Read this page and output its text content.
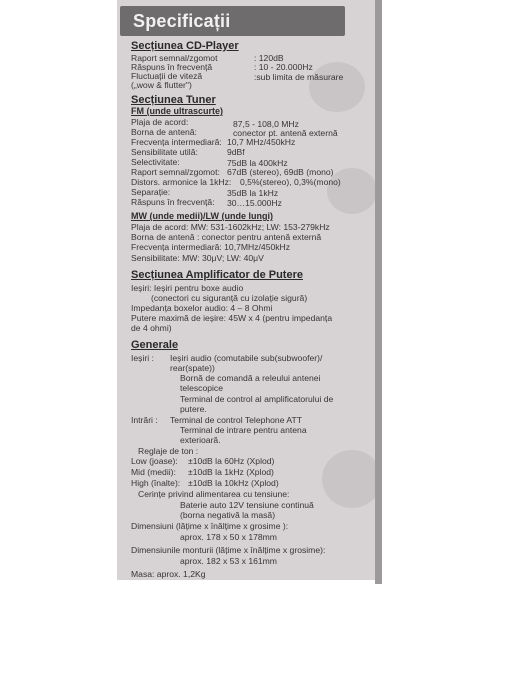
Specificații
Secțiunea CD-Player
Raport semnal/zgomot	: 120dB
Răspuns în frecvență	: 10 - 20.000Hz
Fluctuații de viteză	:sub limita de măsurare
(„wow & flutter")
Secțiunea Tuner
FM (unde ultrascurte)
Plaja de acord:	87,5 - 108,0 MHz
Borna de antenă:	conector pt. antenă externă
Frecvența intermediară: 10,7 MHz/450kHz
Sensibilitate utilă:	9dBf
Selectivitate:	75dB la 400kHz
Raport semnal/zgomot: 67dB (stereo), 69dB (mono)
Distors. armonice la 1kHz: 0,5%(stereo), 0,3%(mono)
Separație:	35dB la 1kHz
Răspuns în frecvență: 30…15.000Hz
MW (unde medii)/LW (unde lungi)
Plaja de acord: MW: 531-1602kHz; LW: 153-279kHz
Borna de antenă : conector pentru antenă externă
Frecvența intermediară: 10,7MHz/450kHz
Sensibilitate: MW: 30μV; LW: 40μV
Secțiunea Amplificator de Putere
Ieșiri: Ieșiri pentru boxe audio
(conectori cu siguranță cu izolație sigură)
Impedanța boxelor audio: 4 – 8 Ohmi
Putere maximă de ieșire: 45W x 4 (pentru impedanța
de 4 ohmi)
Generale
Ieșiri : Ieșiri audio (comutabile sub(subwoofer)/
rear(spate))
Bornă de comandă a releului antenei
telescopice
Terminal de control al amplificatorului de
putere.
Intrări : Terminal de control Telephone ATT
Terminal de intrare pentru antena
exterioară.
Reglaje de ton :
Low (joase): ±10dB la 60Hz (Xplod)
Mid (medii): ±10dB la 1kHz (Xplod)
High (înalte): ±10dB la 10kHz (Xplod)
Cerințe privind alimentarea cu tensiune:
Baterie auto 12V tensiune continuă
(borna negativă la masă)
Dimensiuni (lățime x înălțime x grosime ):
aprox. 178 x 50 x 178mm
Dimensiunile monturii (lățime x înălțime x grosime):
aprox. 182 x 53 x 161mm
Masa: aprox. 1,2Kg
